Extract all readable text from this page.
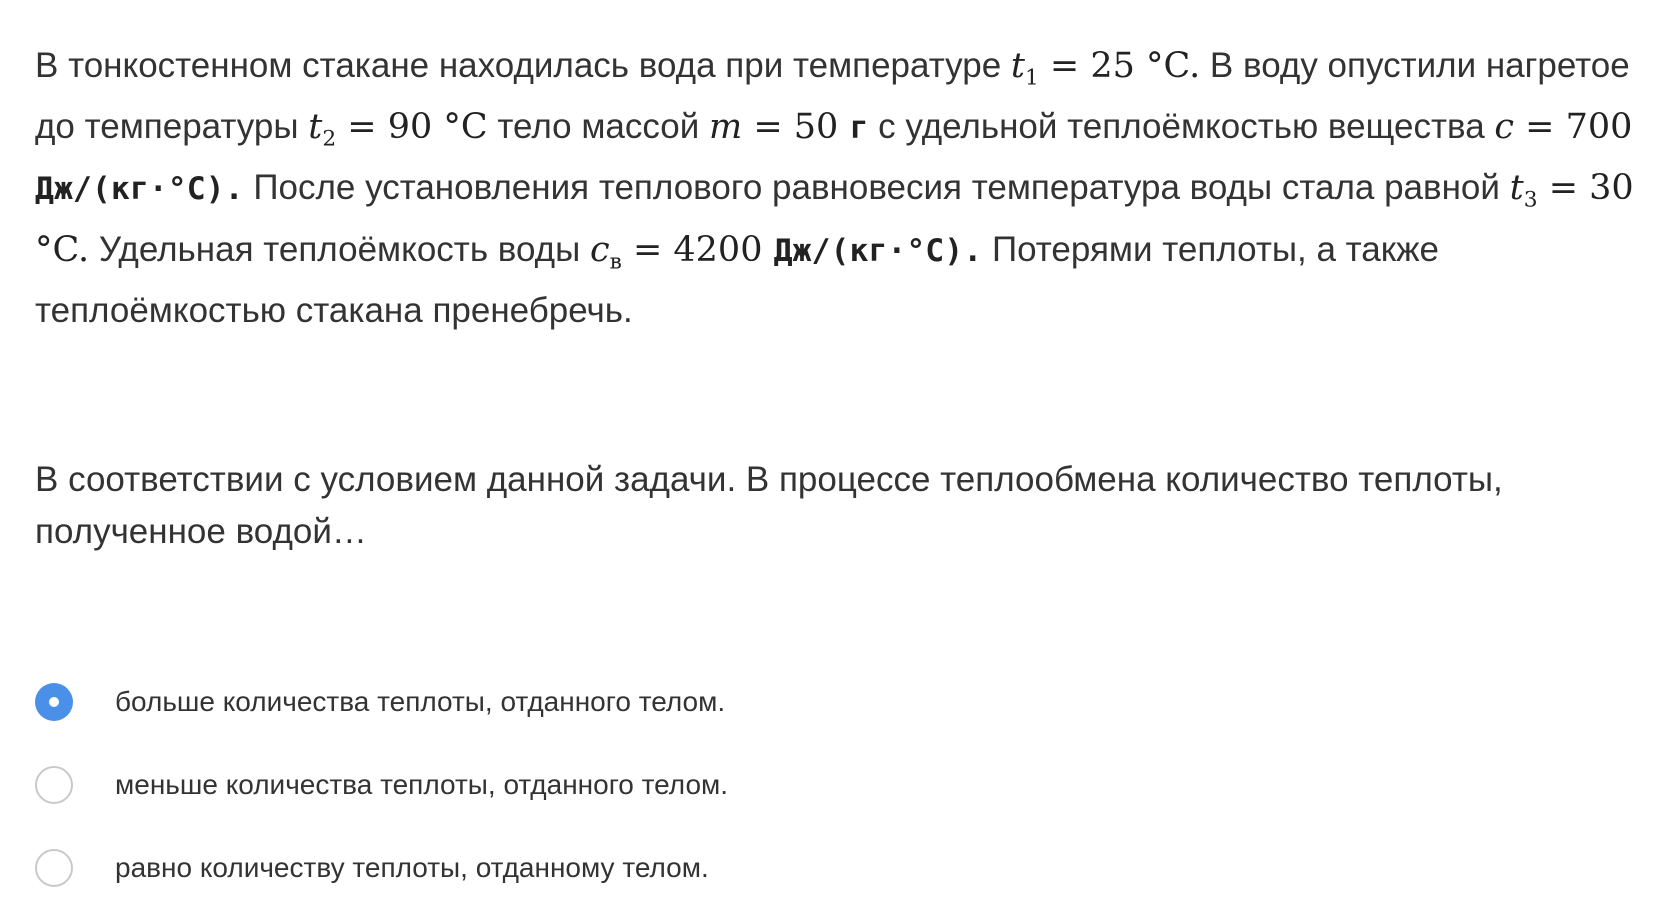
В тонкостенном стакане находилась вода при температуре $t_1 = 25$ °C. В воду опустили нагретое до температуры $t_2 = 90$ °C тело массой m = 50 г с удельной теплоёмкостью вещества c = 700 Дж/(кг·°C). После установления теплового равновесия температура воды стала равной $t_3 = 30$ °C. Удельная теплоёмкость воды $c_в = 4200$ Дж/(кг·°C). Потерями теплоты, а также теплоёмкостью стакана пренебречь.

В соответствии с условием данной задачи. В процессе теплообмена количество теплоты, полученное водой…

больше количества теплоты, отданного телом.
меньше количества теплоты, отданного телом.
равно количеству теплоты, отданному телом.
